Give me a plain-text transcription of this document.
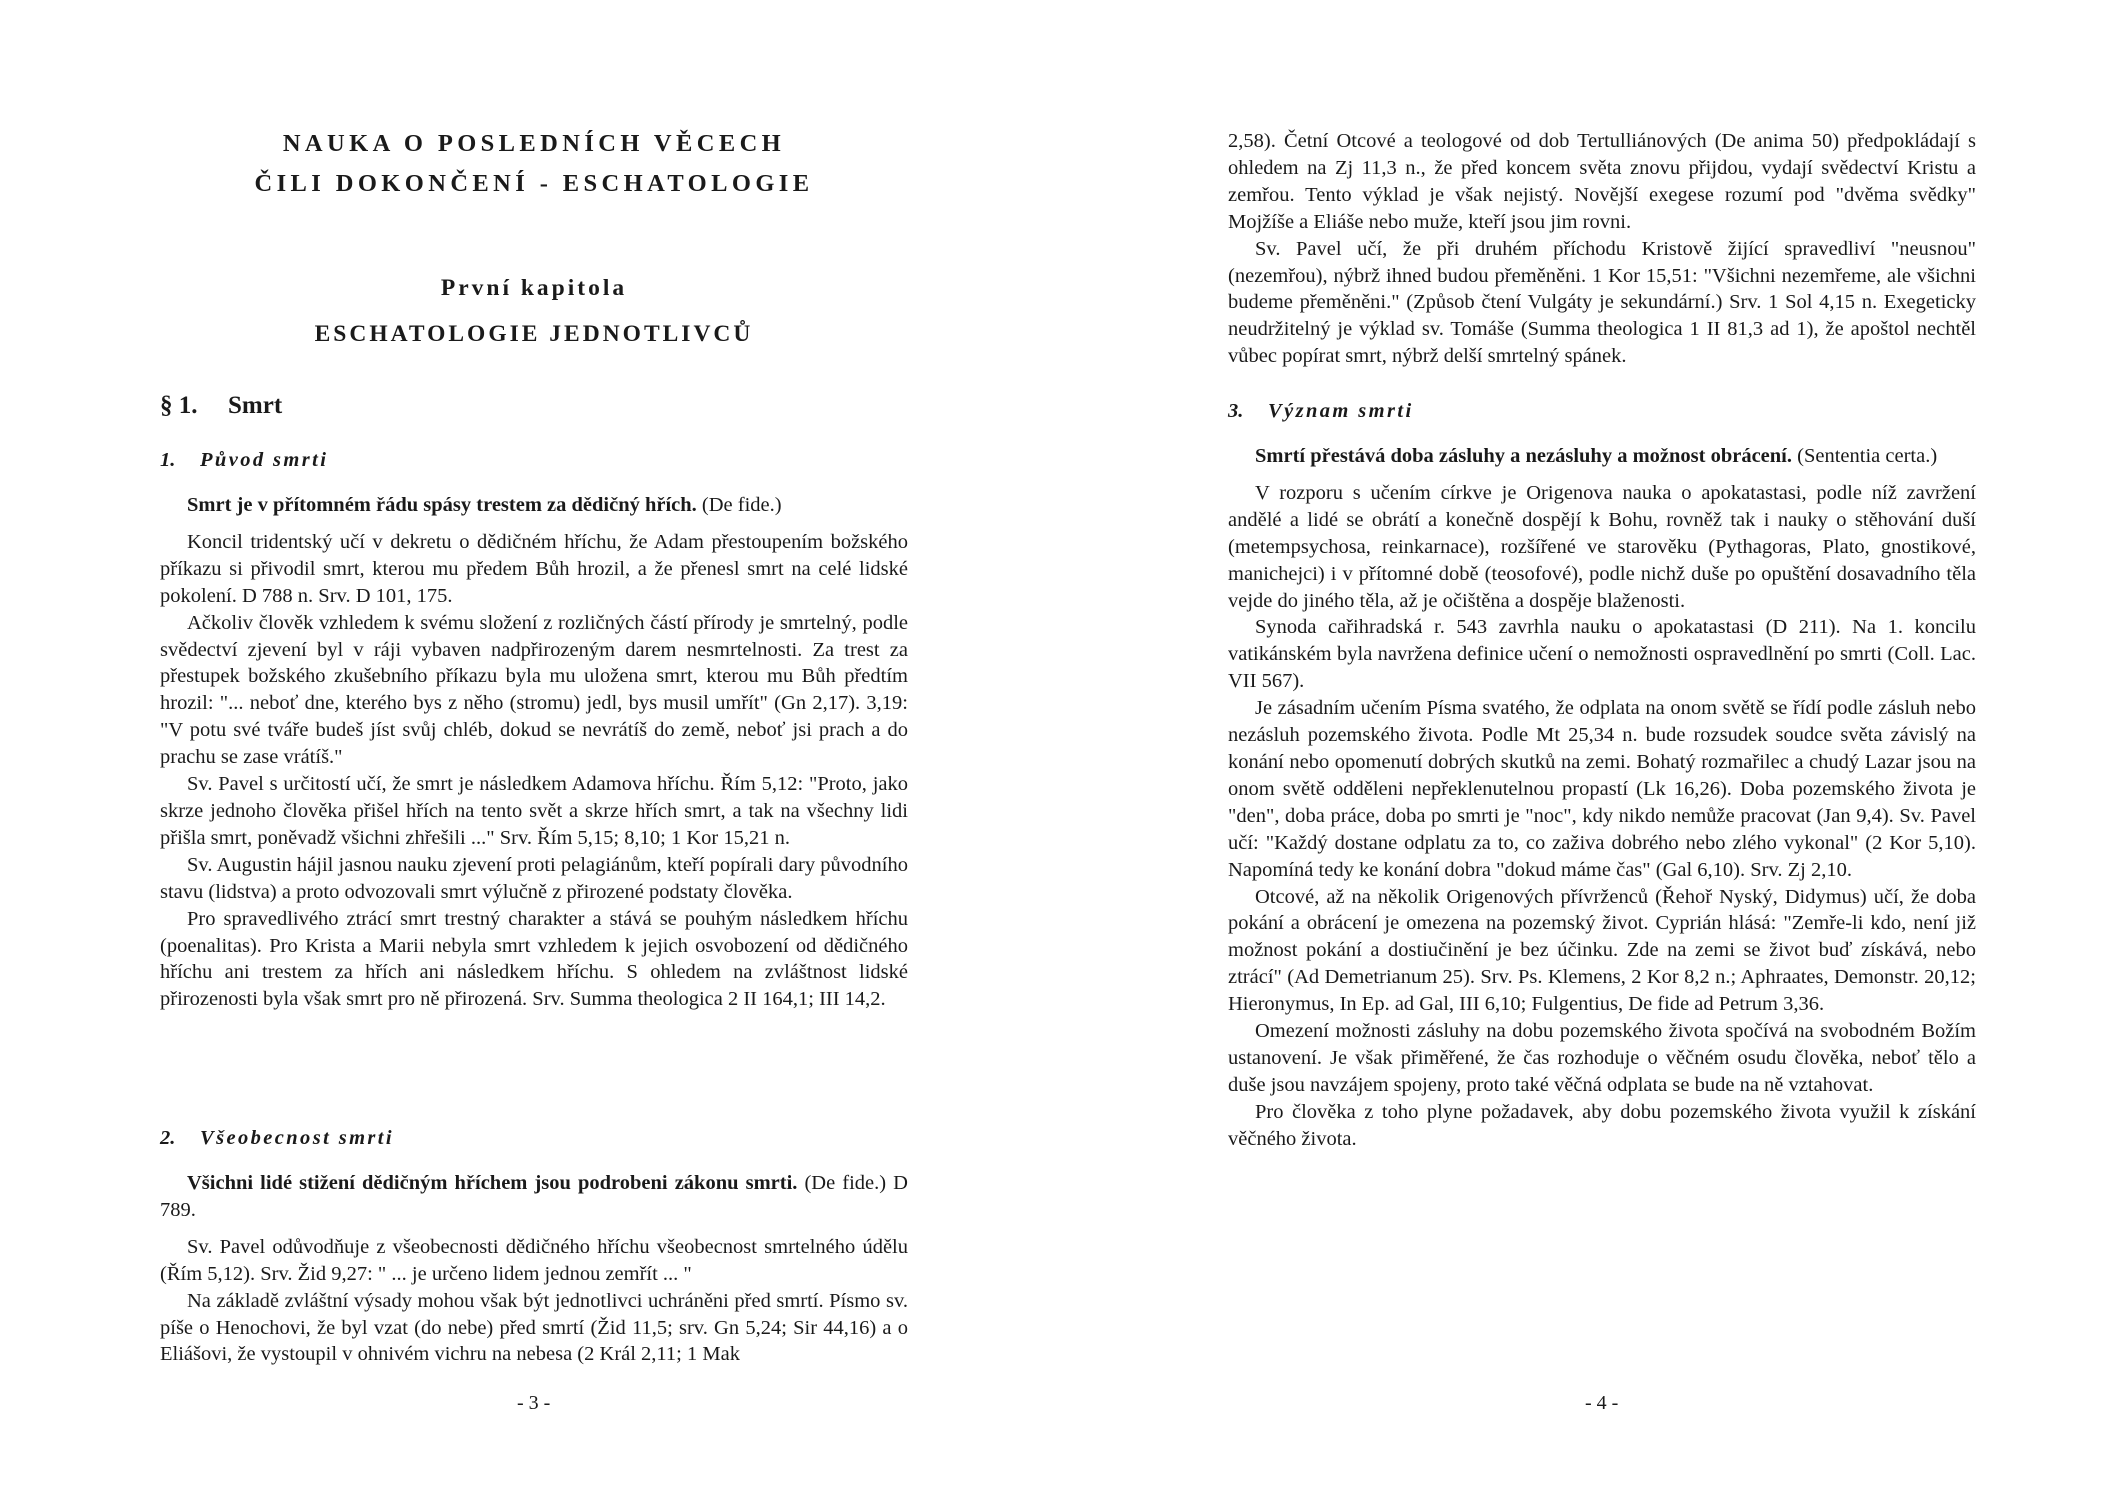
NAUKA O POSLEDNÍCH VĚCECH
ČILI DOKONČENÍ - ESCHATOLOGIE
První kapitola
ESCHATOLOGIE JEDNOTLIVCŮ
§ 1. Smrt
1. Původ smrti

Smrt je v přítomném řádu spásy trestem za dědičný hřích. (De fide.)

Koncil tridentský učí v dekretu o dědičném hříchu, že Adam přestoupením božského příkazu si přivodil smrt, kterou mu předem Bůh hrozil, a že přenesl smrt na celé lidské pokolení. D 788 n. Srv. D 101, 175.

Ačkoliv člověk vzhledem k svému složení z rozličných částí přírody je smrtelný, podle svědectví zjevení byl v ráji vybaven nadpřirozeným darem nesmrtelnosti. Za trest za přestupek božského zkušebního příkazu byla mu uložena smrt, kterou mu Bůh předtím hrozil: "... neboť dne, kterého bys z něho (stromu) jedl, bys musil umřít" (Gn 2,17). 3,19: "V potu své tváře budeš jíst svůj chléb, dokud se nevrátíš do země, neboť jsi prach a do prachu se zase vrátíš."

Sv. Pavel s určitostí učí, že smrt je následkem Adamova hříchu. Řím 5,12: "Proto, jako skrze jednoho člověka přišel hřích na tento svět a skrze hřích smrt, a tak na všechny lidi přišla smrt, poněvadž všichni zhřešili ..." Srv. Řím 5,15; 8,10; 1 Kor 15,21 n.

Sv. Augustin hájil jasnou nauku zjevení proti pelagiánům, kteří popírali dary původního stavu (lidstva) a proto odvozovali smrt výlučně z přirozené podstaty člověka.

Pro spravedlivého ztrácí smrt trestný charakter a stává se pouhým následkem hříchu (poenalitas). Pro Krista a Marii nebyla smrt vzhledem k jejich osvobození od dědičného hříchu ani trestem za hřích ani následkem hříchu. S ohledem na zvláštnost lidské přirozenosti byla však smrt pro ně přirozená. Srv. Summa theologica 2 II 164,1; III 14,2.

2. Všeobecnost smrti

Všichni lidé stižení dědičným hříchem jsou podrobeni zákonu smrti. (De fide.) D 789.

Sv. Pavel odůvodňuje z všeobecnosti dědičného hříchu všeobecnost smrtelného údělu (Řím 5,12). Srv. Žid 9,27: " ... je určeno lidem jednou zemřít ... "

Na základě zvláštní výsady mohou však být jednotlivci uchráněni před smrtí. Písmo sv. píše o Henochovi, že byl vzat (do nebe) před smrtí (Žid 11,5; srv. Gn 5,24; Sir 44,16) a o Eliášovi, že vystoupil v ohnivém vichru na nebesa (2 Král 2,11; 1 Mak

- 3 -

2,58). Četní Otcové a teologové od dob Tertulliánových (De anima 50) předpokládají s ohledem na Zj 11,3 n., že před koncem světa znovu přijdou, vydají svědectví Kristu a zemřou. Tento výklad je však nejistý. Novější exegese rozumí pod "dvěma svědky" Mojžíše a Eliáše nebo muže, kteří jsou jim rovni.

Sv. Pavel učí, že při druhém příchodu Kristově žijící spravedliví "neusnou" (nezemřou), nýbrž ihned budou přeměněni. 1 Kor 15,51: "Všichni nezemřeme, ale všichni budeme přeměněni." (Způsob čtení Vulgáty je sekundární.) Srv. 1 Sol 4,15 n. Exegeticky neudržitelný je výklad sv. Tomáše (Summa theologica 1 II 81,3 ad 1), že apoštol nechtěl vůbec popírat smrt, nýbrž delší smrtelný spánek.

3. Význam smrti

Smrtí přestává doba zásluhy a nezásluhy a možnost obrácení. (Sententia certa.)

V rozporu s učením církve je Origenova nauka o apokatastasi, podle níž zavržení andělé a lidé se obrátí a konečně dospějí k Bohu, rovněž tak i nauky o stěhování duší (metempsychosa, reinkarnace), rozšířené ve starověku (Pythagoras, Plato, gnostikové, manichejci) i v přítomné době (teosofové), podle nichž duše po opuštění dosavadního těla vejde do jiného těla, až je očištěna a dospěje blaženosti.

Synoda cařihradská r. 543 zavrhla nauku o apokatastasi (D 211). Na 1. koncilu vatikánském byla navržena definice učení o nemožnosti ospravedlnění po smrti (Coll. Lac. VII 567).

Je zásadním učením Písma svatého, že odplata na onom světě se řídí podle zásluh nebo nezásluh pozemského života. Podle Mt 25,34 n. bude rozsudek soudce světa závislý na konání nebo opomenutí dobrých skutků na zemi. Bohatý rozmařilec a chudý Lazar jsou na onom světě odděleni nepřeklenutelnou propastí (Lk 16,26). Doba pozemského života je "den", doba práce, doba po smrti je "noc", kdy nikdo nemůže pracovat (Jan 9,4). Sv. Pavel učí: "Každý dostane odplatu za to, co zaživa dobrého nebo zlého vykonal" (2 Kor 5,10). Napomíná tedy ke konání dobra "dokud máme čas" (Gal 6,10). Srv. Zj 2,10.

Otcové, až na několik Origenových přívrženců (Řehoř Nyský, Didymus) učí, že doba pokání a obrácení je omezena na pozemský život. Cyprián hlásá: "Zemře-li kdo, není již možnost pokání a dostiučinění je bez účinku. Zde na zemi se život buď získává, nebo ztrácí" (Ad Demetrianum 25). Srv. Ps. Klemens, 2 Kor 8,2 n.; Aphraates, Demonstr. 20,12; Hieronymus, In Ep. ad Gal, III 6,10; Fulgentius, De fide ad Petrum 3,36.

Omezení možnosti zásluhy na dobu pozemského života spočívá na svobodném Božím ustanovení. Je však přiměřené, že čas rozhoduje o věčném osudu člověka, neboť tělo a duše jsou navzájem spojeny, proto také věčná odplata se bude na ně vztahovat.

Pro člověka z toho plyne požadavek, aby dobu pozemského života využil k získání věčného života.

- 4 -
